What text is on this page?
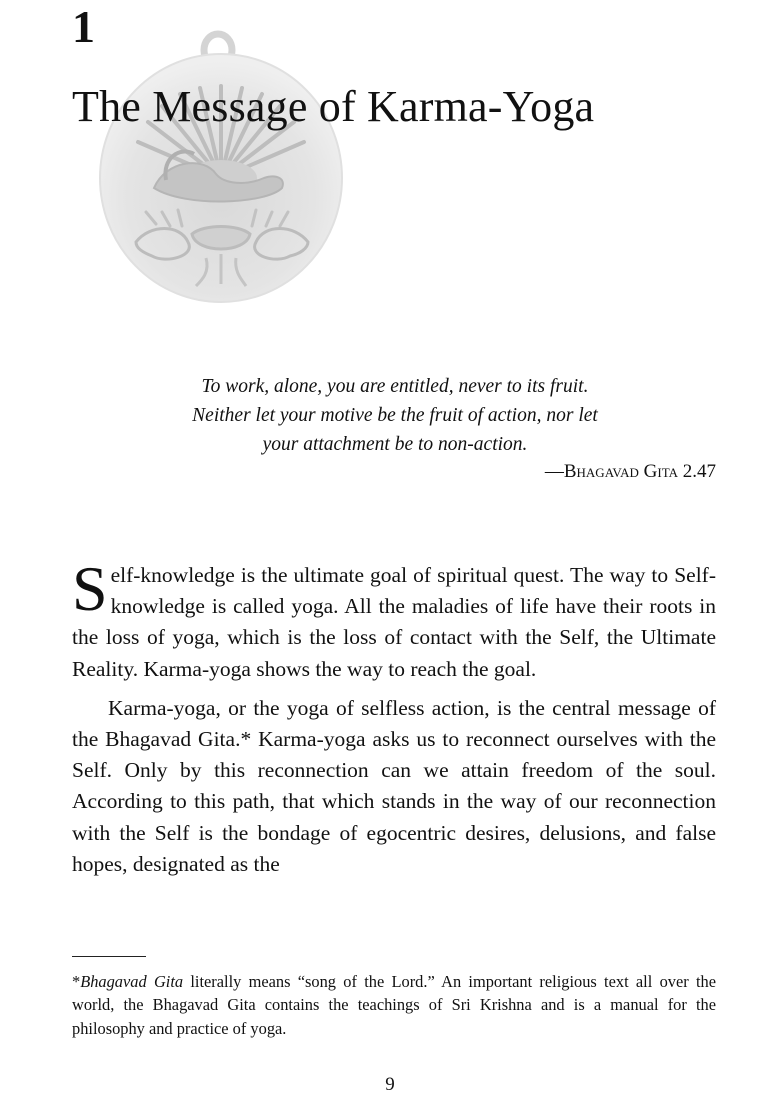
1
The Message of Karma-Yoga

To work, alone, you are entitled, never to its fruit.

Neither let your motive be the fruit of action, nor let

your attachment be to non-action.

—Bhagavad Gita 2.47

Self-knowledge is the ultimate goal of spiritual quest. The way to Self-knowledge is called yoga. All the maladies of life have their roots in the loss of yoga, which is the loss of contact with the Self, the Ultimate Reality. Karma-yoga shows the way to reach the goal.

Karma-yoga, or the yoga of selfless action, is the central message of the Bhagavad Gita.* Karma-yoga asks us to reconnect ourselves with the Self. Only by this reconnection can we attain freedom of the soul. According to this path, that which stands in the way of our reconnection with the Self is the bondage of egocentric desires, delusions, and false hopes, designated as the

*Bhagavad Gita literally means “song of the Lord.” An important religious text all over the world, the Bhagavad Gita contains the teachings of Sri Krishna and is a manual for the philosophy and practice of yoga.

9
